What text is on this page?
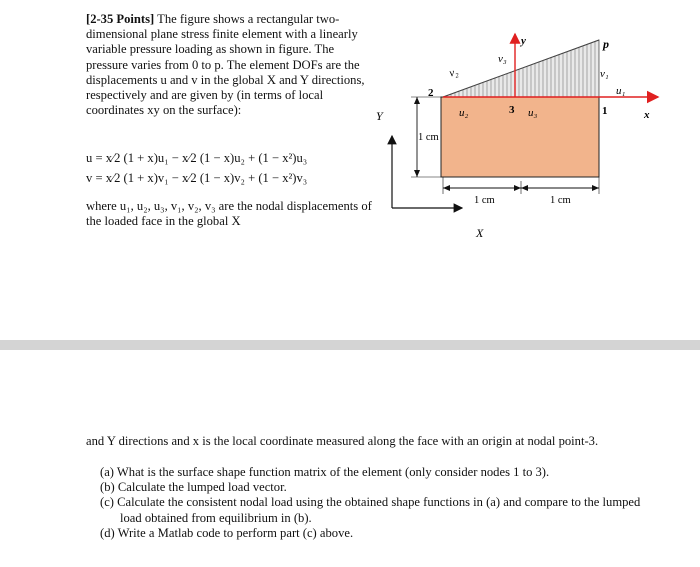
[2-35 Points] The figure shows a rectangular two-dimensional plane stress finite element with a linearly variable pressure loading as shown in figure. The pressure varies from 0 to p. The element DOFs are the displacements u and v in the global X and Y directions, respectively and are given by (in terms of local coordinates xy on the surface):
u = x⁄2 (1 + x)u₁ − x⁄2 (1 − x)u₂ + (1 − x²)u₃
v = x⁄2 (1 + x)v₁ − x⁄2 (1 − x)v₂ + (1 − x²)v₃
where u₁, u₂, u₃, v₁, v₂, v₃ are the nodal displacements of the loaded face in the global X
Y
X
p
y
x
2
3	1
u₂	u₃
u₁
v₂
v₃
v₁
1 cm
1 cm	1 cm
and Y directions and x is the local coordinate measured along the face with an origin at nodal point-3.
(a) What is the surface shape function matrix of the element (only consider nodes 1 to 3).
(b) Calculate the lumped load vector.
(c) Calculate the consistent nodal load using the obtained shape functions in (a) and compare to the lumped load obtained from equilibrium in (b).
(d) Write a Matlab code to perform part (c) above.
